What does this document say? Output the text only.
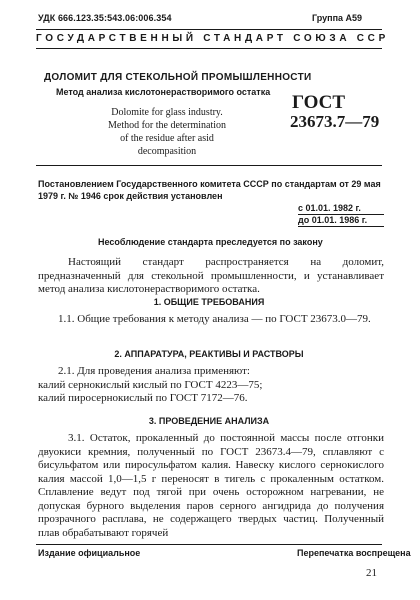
УДК 666.123.35:543.06:006.354	Группа А59
ГОСУДАРСТВЕННЫЙ СТАНДАРТ СОЮЗА ССР
ДОЛОМИТ ДЛЯ СТЕКОЛЬНОЙ ПРОМЫШЛЕННОСТИ
Метод анализа кислотонерастворимого остатка
Dolomite for glass industry.
Method for the determination
of the residue after asid
decompasition
ГОСТ
23673.7—79
Постановлением Государственного комитета СССР по стандартам от 29 мая 1979 г. № 1946 срок действия установлен
с 01.01. 1982 г.
до 01.01. 1986 г.
Несоблюдение стандарта преследуется по закону
Настоящий стандарт распространяется на доломит, предназначенный для стекольной промышленности, и устанавливает метод анализа кислотонерастворимого остатка.
1. ОБЩИЕ ТРЕБОВАНИЯ
1.1. Общие требования к методу анализа — по ГОСТ 23673.0—79.
2. АППАРАТУРА, РЕАКТИВЫ И РАСТВОРЫ
2.1. Для проведения анализа применяют:
калий сернокислый кислый по ГОСТ 4223—75;
калий пиросернокислый по ГОСТ 7172—76.
3. ПРОВЕДЕНИЕ АНАЛИЗА
3.1. Остаток, прокаленный до постоянной массы после отгонки двуокиси кремния, полученный по ГОСТ 23673.4—79, сплавляют с бисульфатом или пиросульфатом калия. Навеску кислого сернокислого калия массой 1,0—1,5 г переносят в тигель с прокаленным остатком. Сплавление ведут под тягой при очень осторожном нагревании, не допуская бурного выделения паров серного ангидрида до получения прозрачного расплава, не содержащего твердых частиц. Полученный плав обрабатывают горячей
Издание официальное	Перепечатка воспрещена
21
